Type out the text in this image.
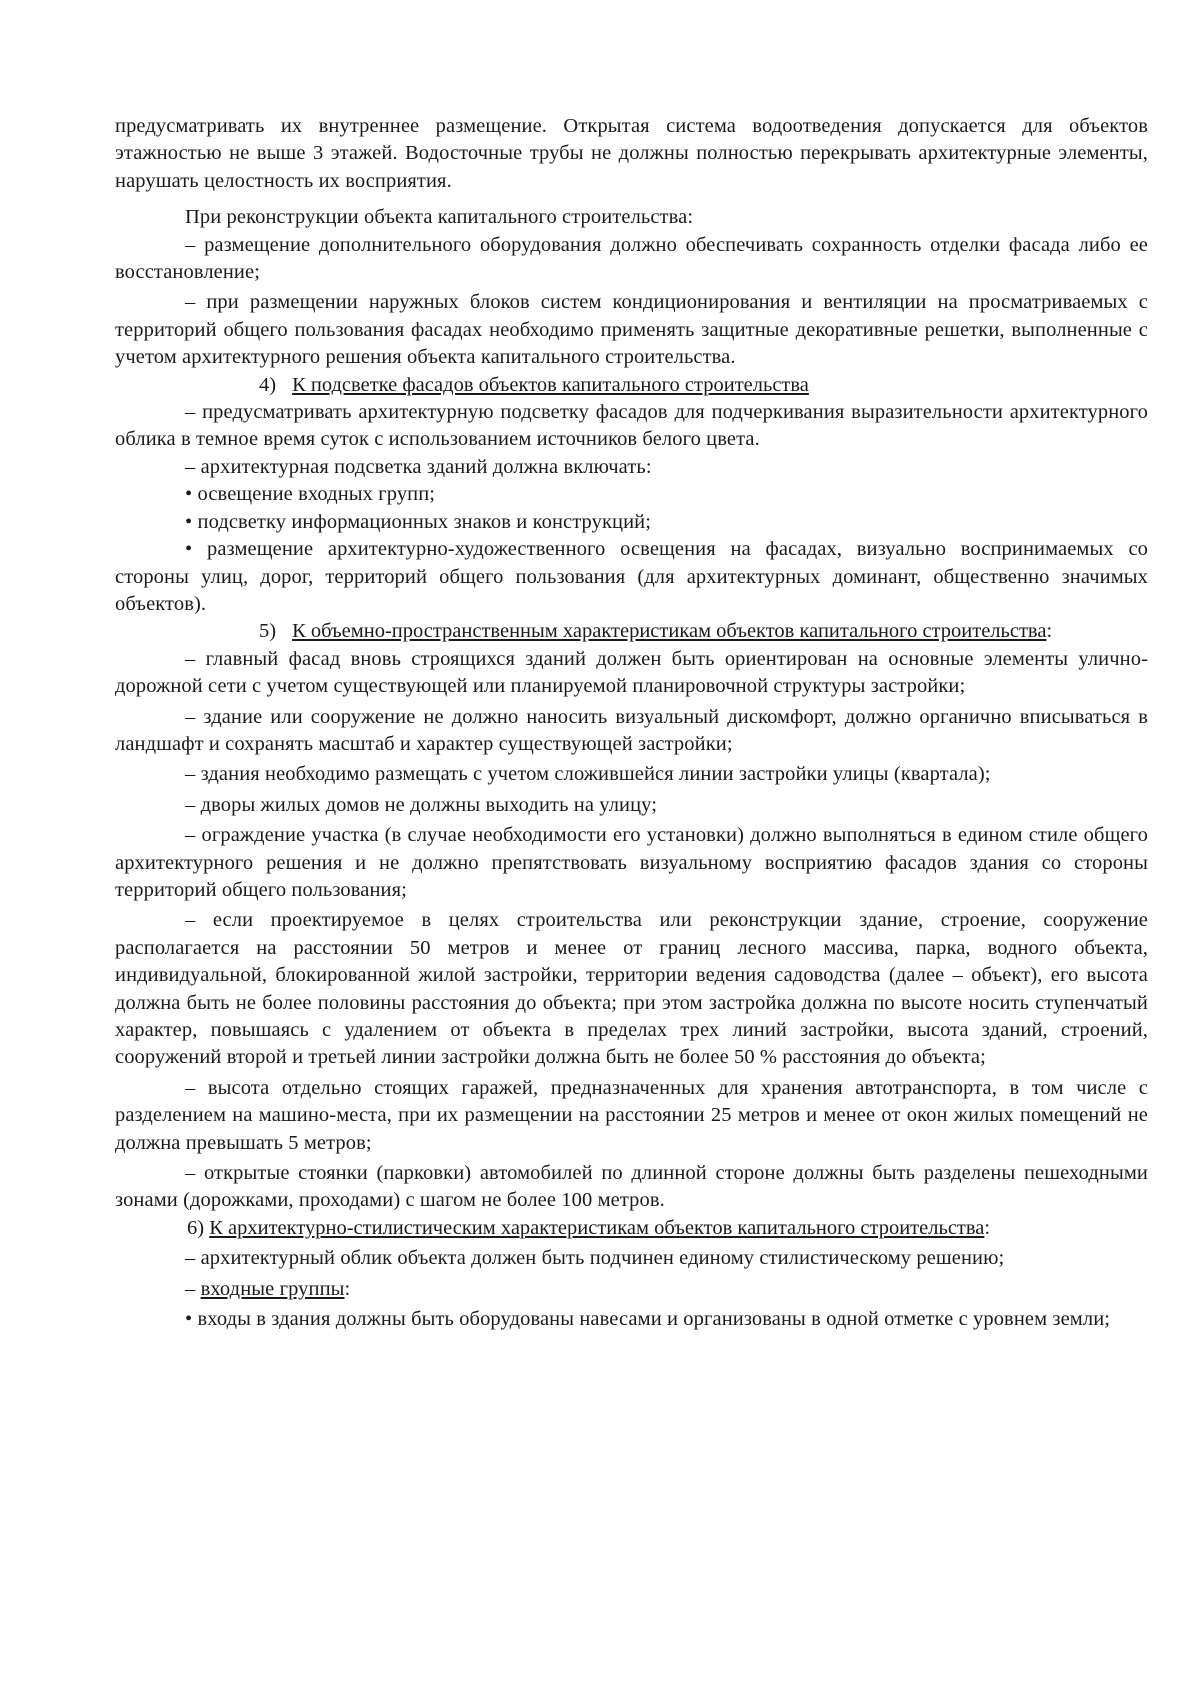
предусматривать их внутреннее размещение. Открытая система водоотведения допускается для объектов этажностью не выше 3 этажей. Водосточные трубы не должны полностью перекрывать архитектурные элементы, нарушать целостность их восприятия.

При реконструкции объекта капитального строительства:

– размещение дополнительного оборудования должно обеспечивать сохранность отделки фасада либо ее восстановление;

– при размещении наружных блоков систем кондиционирования и вентиляции на просматриваемых с территорий общего пользования фасадах необходимо применять защитные декоративные решетки, выполненные с учетом архитектурного решения объекта капитального строительства.

4) К подсветке фасадов объектов капитального строительства

– предусматривать архитектурную подсветку фасадов для подчеркивания выразительности архитектурного облика в темное время суток с использованием источников белого цвета.

– архитектурная подсветка зданий должна включать:

• освещение входных групп;

• подсветку информационных знаков и конструкций;

• размещение архитектурно-художественного освещения на фасадах, визуально воспринимаемых со стороны улиц, дорог, территорий общего пользования (для архитектурных доминант, общественно значимых объектов).

5) К объемно-пространственным характеристикам объектов капитального строительства:

– главный фасад вновь строящихся зданий должен быть ориентирован на основные элементы улично-дорожной сети с учетом существующей или планируемой планировочной структуры застройки;

– здание или сооружение не должно наносить визуальный дискомфорт, должно органично вписываться в ландшафт и сохранять масштаб и характер существующей застройки;

– здания необходимо размещать с учетом сложившейся линии застройки улицы (квартала);

– дворы жилых домов не должны выходить на улицу;

– ограждение участка (в случае необходимости его установки) должно выполняться в едином стиле общего архитектурного решения и не должно препятствовать визуальному восприятию фасадов здания со стороны территорий общего пользования;

– если проектируемое в целях строительства или реконструкции здание, строение, сооружение располагается на расстоянии 50 метров и менее от границ лесного массива, парка, водного объекта, индивидуальной, блокированной жилой застройки, территории ведения садоводства (далее – объект), его высота должна быть не более половины расстояния до объекта; при этом застройка должна по высоте носить ступенчатый характер, повышаясь с удалением от объекта в пределах трех линий застройки, высота зданий, строений, сооружений второй и третьей линии застройки должна быть не более 50 % расстояния до объекта;

– высота отдельно стоящих гаражей, предназначенных для хранения автотранспорта, в том числе с разделением на машино-места, при их размещении на расстоянии 25 метров и менее от окон жилых помещений не должна превышать 5 метров;

– открытые стоянки (парковки) автомобилей по длинной стороне должны быть разделены пешеходными зонами (дорожками, проходами) с шагом не более 100 метров.

6) К архитектурно-стилистическим характеристикам объектов капитального строительства:

– архитектурный облик объекта должен быть подчинен единому стилистическому решению;

– входные группы:

• входы в здания должны быть оборудованы навесами и организованы в одной отметке с уровнем земли;
